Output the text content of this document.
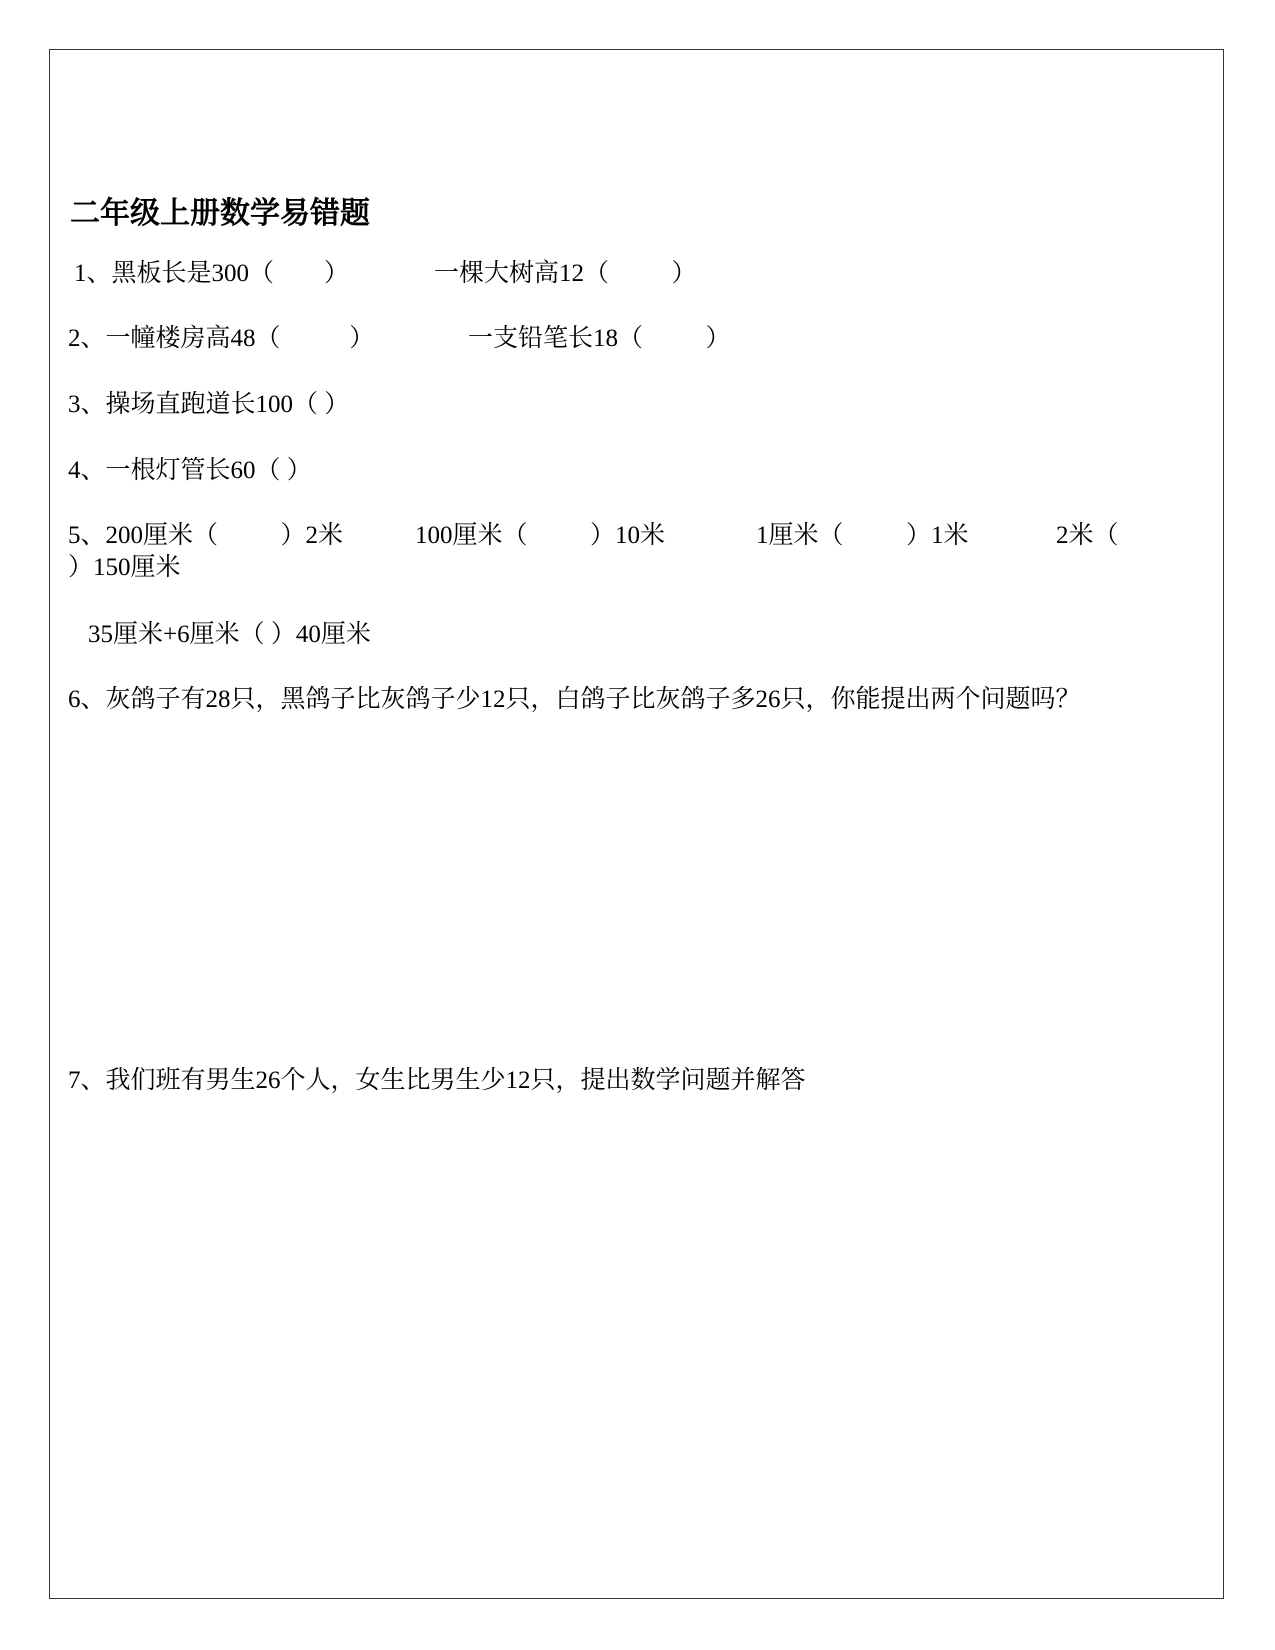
二年级上册数学易错题
1、黑板长是300（        ）	一棵大树高12（          ）
2、一幢楼房高48（           ）	一支铅笔长18（          ）
3、操场直跑道长100（ ）
4、一根灯管长60（ ）
5、200厘米（          ）2米	100厘米（          ）10米	1厘米（          ）1米	2米（
）150厘米
35厘米+6厘米（ ）40厘米
6、灰鸽子有28只，黑鸽子比灰鸽子少12只，白鸽子比灰鸽子多26只，你能提出两个问题吗？
7、我们班有男生26个人，女生比男生少12只，提出数学问题并解答
